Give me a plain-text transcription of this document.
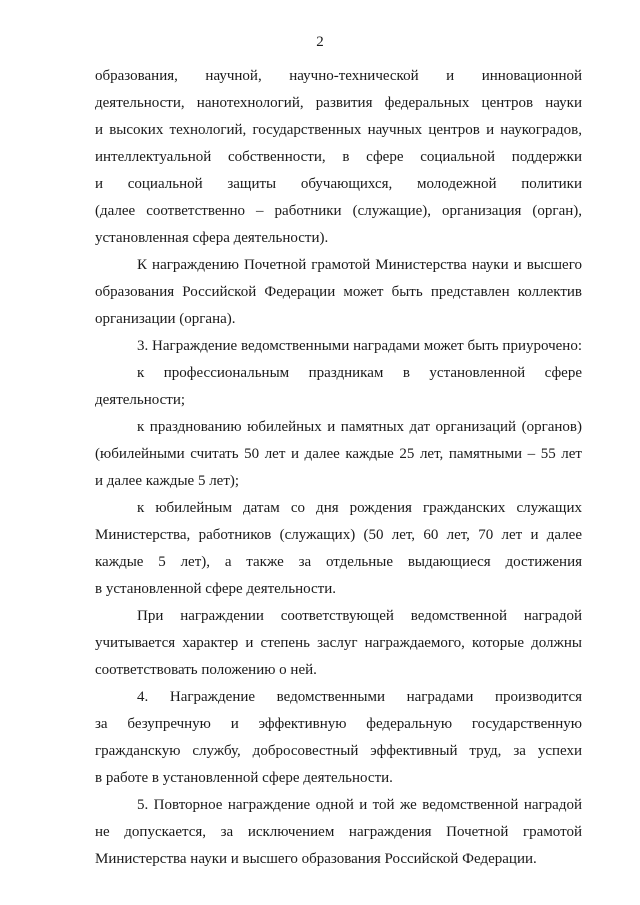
2
образования, научной, научно-технической и инновационной
деятельности, нанотехнологий, развития федеральных центров науки
и высоких технологий, государственных научных центров и наукоградов,
интеллектуальной собственности, в сфере социальной поддержки
и социальной защиты обучающихся, молодежной политики
(далее соответственно – работники (служащие), организация (орган),
установленная сфера деятельности).
К награждению Почетной грамотой Министерства науки и высшего
образования Российской Федерации может быть представлен коллектив
организации (органа).
3. Награждение ведомственными наградами может быть приурочено:
к профессиональным праздникам в установленной сфере
деятельности;
к празднованию юбилейных и памятных дат организаций (органов)
(юбилейными считать 50 лет и далее каждые 25 лет, памятными – 55 лет
и далее каждые 5 лет);
к юбилейным датам со дня рождения гражданских служащих
Министерства, работников (служащих) (50 лет, 60 лет, 70 лет и далее
каждые 5 лет), а также за отдельные выдающиеся достижения
в установленной сфере деятельности.
При награждении соответствующей ведомственной наградой
учитывается характер и степень заслуг награждаемого, которые должны
соответствовать положению о ней.
4. Награждение ведомственными наградами производится
за безупречную и эффективную федеральную государственную
гражданскую службу, добросовестный эффективный труд, за успехи
в работе в установленной сфере деятельности.
5. Повторное награждение одной и той же ведомственной наградой
не допускается, за исключением награждения Почетной грамотой
Министерства науки и высшего образования Российской Федерации.
